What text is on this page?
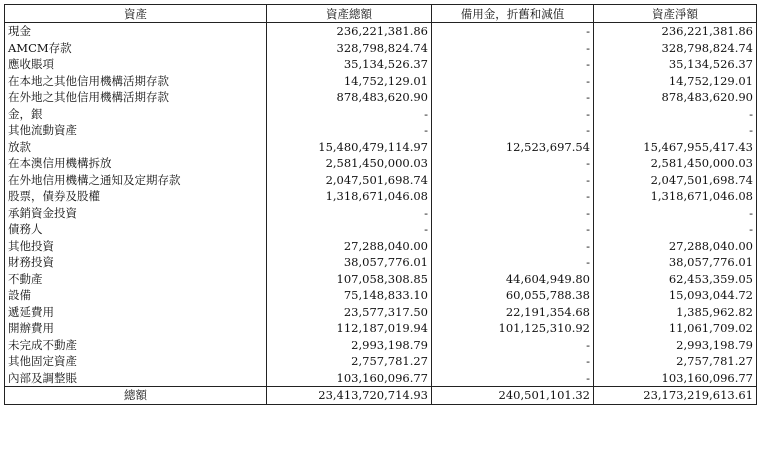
資產	資產總額	備用金，折舊和減值	資產淨額
現金	236,221,381.86	-	236,221,381.86
AMCM存款	328,798,824.74	-	328,798,824.74
應收賬項	35,134,526.37	-	35,134,526.37
在本地之其他信用機構活期存款	14,752,129.01	-	14,752,129.01
在外地之其他信用機構活期存款	878,483,620.90	-	878,483,620.90
金，銀	-	-	-
其他流動資產	-	-	-
放款	15,480,479,114.97	12,523,697.54	15,467,955,417.43
在本澳信用機構拆放	2,581,450,000.03	-	2,581,450,000.03
在外地信用機構之通知及定期存款	2,047,501,698.74	-	2,047,501,698.74
股票，債券及股權	1,318,671,046.08	-	1,318,671,046.08
承銷資金投資	-	-	-
債務人	-	-	-
其他投資	27,288,040.00	-	27,288,040.00
財務投資	38,057,776.01	-	38,057,776.01
不動產	107,058,308.85	44,604,949.80	62,453,359.05
設備	75,148,833.10	60,055,788.38	15,093,044.72
遞延費用	23,577,317.50	22,191,354.68	1,385,962.82
開辦費用	112,187,019.94	101,125,310.92	11,061,709.02
未完成不動產	2,993,198.79	-	2,993,198.79
其他固定資產	2,757,781.27	-	2,757,781.27
內部及調整賬	103,160,096.77	-	103,160,096.77
總額	23,413,720,714.93	240,501,101.32	23,173,219,613.61
